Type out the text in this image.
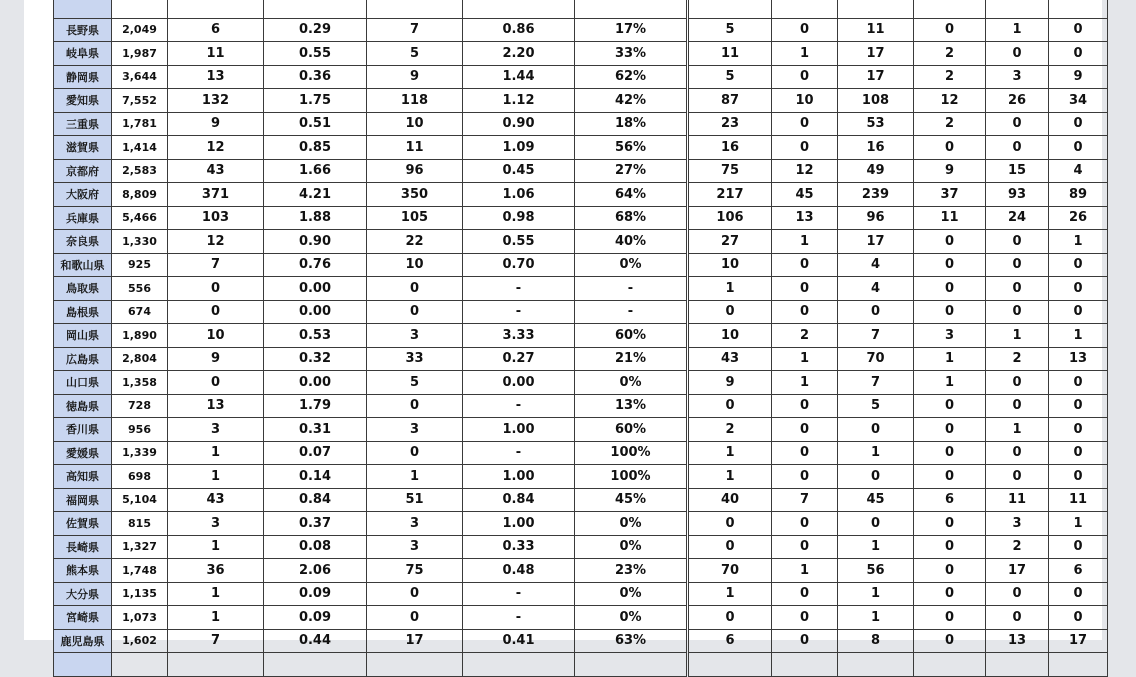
長野県	2,049	6	0.29	7	0.86	17%	5	0	11	0	1	0
岐阜県	1,987	11	0.55	5	2.20	33%	11	1	17	2	0	0
静岡県	3,644	13	0.36	9	1.44	62%	5	0	17	2	3	9
愛知県	7,552	132	1.75	118	1.12	42%	87	10	108	12	26	34
三重県	1,781	9	0.51	10	0.90	18%	23	0	53	2	0	0
滋賀県	1,414	12	0.85	11	1.09	56%	16	0	16	0	0	0
京都府	2,583	43	1.66	96	0.45	27%	75	12	49	9	15	4
大阪府	8,809	371	4.21	350	1.06	64%	217	45	239	37	93	89
兵庫県	5,466	103	1.88	105	0.98	68%	106	13	96	11	24	26
奈良県	1,330	12	0.90	22	0.55	40%	27	1	17	0	0	1
和歌山県	925	7	0.76	10	0.70	0%	10	0	4	0	0	0
鳥取県	556	0	0.00	0	-	-	1	0	4	0	0	0
島根県	674	0	0.00	0	-	-	0	0	0	0	0	0
岡山県	1,890	10	0.53	3	3.33	60%	10	2	7	3	1	1
広島県	2,804	9	0.32	33	0.27	21%	43	1	70	1	2	13
山口県	1,358	0	0.00	5	0.00	0%	9	1	7	1	0	0
徳島県	728	13	1.79	0	-	13%	0	0	5	0	0	0
香川県	956	3	0.31	3	1.00	60%	2	0	0	0	1	0
愛媛県	1,339	1	0.07	0	-	100%	1	0	1	0	0	0
高知県	698	1	0.14	1	1.00	100%	1	0	0	0	0	0
福岡県	5,104	43	0.84	51	0.84	45%	40	7	45	6	11	11
佐賀県	815	3	0.37	3	1.00	0%	0	0	0	0	3	1
長崎県	1,327	1	0.08	3	0.33	0%	0	0	1	0	2	0
熊本県	1,748	36	2.06	75	0.48	23%	70	1	56	0	17	6
大分県	1,135	1	0.09	0	-	0%	1	0	1	0	0	0
宮崎県	1,073	1	0.09	0	-	0%	0	0	1	0	0	0
鹿児島県	1,602	7	0.44	17	0.41	63%	6	0	8	0	13	17
